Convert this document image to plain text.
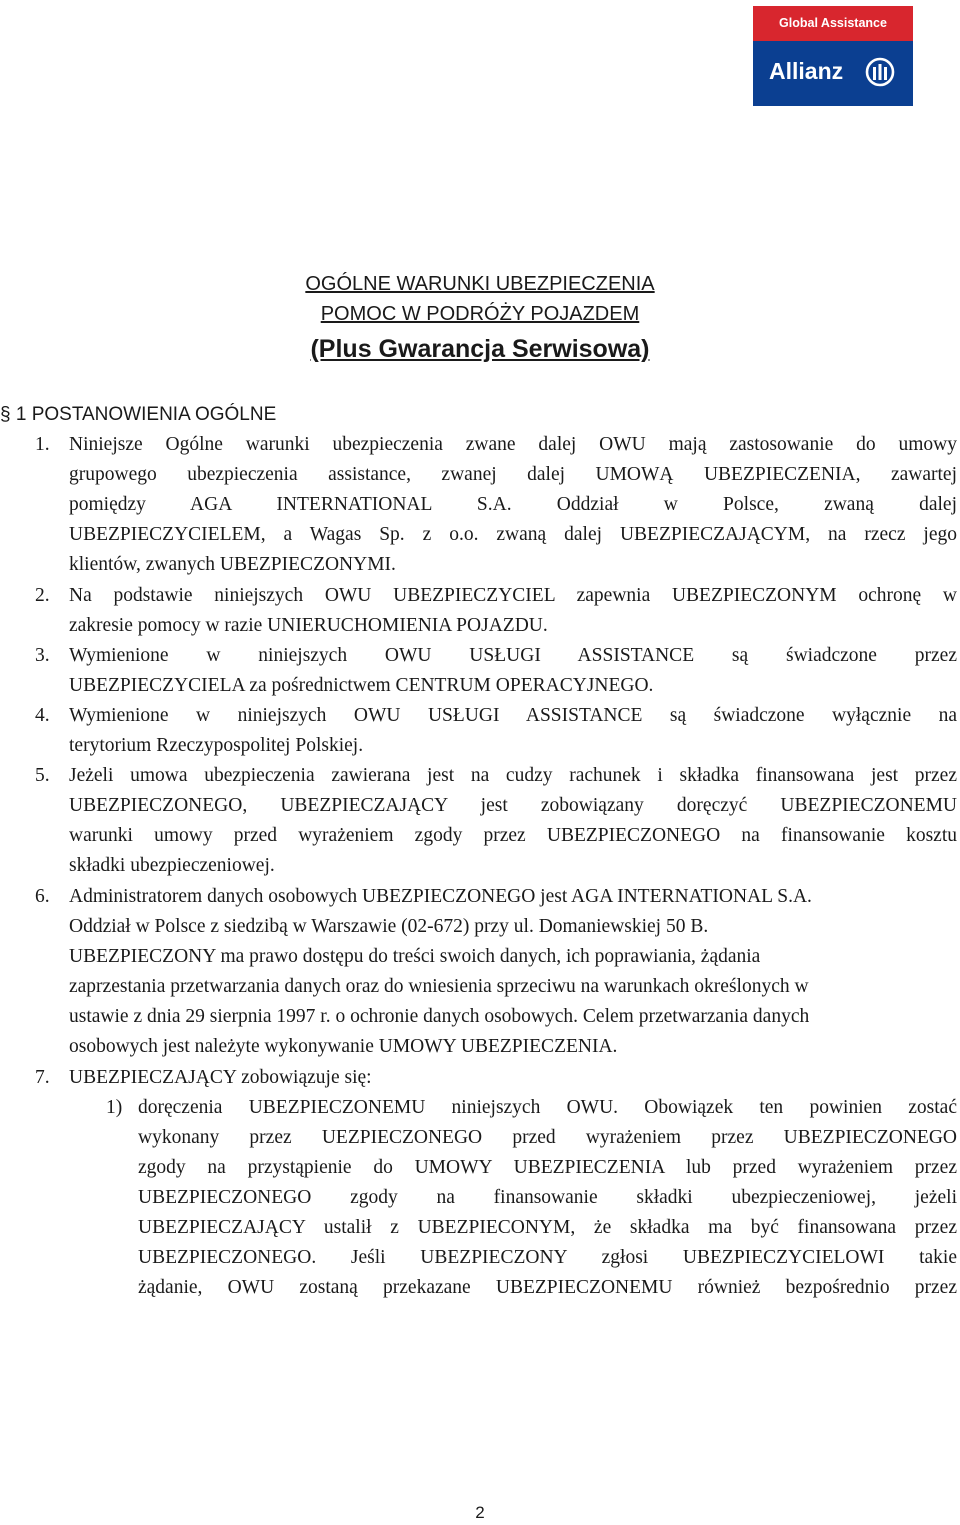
Global Assistance
Allianz
OGÓLNE WARUNKI UBEZPIECZENIA
POMOC W PODRÓŻY POJAZDEM
(Plus Gwarancja Serwisowa)
§ 1 POSTANOWIENIA OGÓLNE
1. Niniejsze Ogólne warunki ubezpieczenia zwane dalej OWU mają zastosowanie do umowy
grupowego ubezpieczenia assistance, zwanej dalej UMOWĄ UBEZPIECZENIA, zawartej
pomiędzy AGA INTERNATIONAL S.A. Oddział w Polsce, zwaną dalej
UBEZPIECZYCIELEM, a Wagas Sp. z o.o. zwaną dalej UBEZPIECZAJĄCYM, na rzecz jego
klientów, zwanych UBEZPIECZONYMI.
2. Na podstawie niniejszych OWU UBEZPIECZYCIEL zapewnia UBEZPIECZONYM ochronę w
zakresie pomocy w razie UNIERUCHOMIENIA POJAZDU.
3. Wymienione w niniejszych OWU USŁUGI ASSISTANCE są świadczone przez
UBEZPIECZYCIELA za pośrednictwem CENTRUM OPERACYJNEGO.
4. Wymienione w niniejszych OWU USŁUGI ASSISTANCE są świadczone wyłącznie na
terytorium Rzeczypospolitej Polskiej.
5. Jeżeli umowa ubezpieczenia zawierana jest na cudzy rachunek i składka finansowana jest przez
UBEZPIECZONEGO, UBEZPIECZAJĄCY jest zobowiązany doręczyć UBEZPIECZONEMU
warunki umowy przed wyrażeniem zgody przez UBEZPIECZONEGO na finansowanie kosztu
składki ubezpieczeniowej.
6. Administratorem danych osobowych UBEZPIECZONEGO jest AGA INTERNATIONAL S.A.
Oddział w Polsce z siedzibą w Warszawie (02-672) przy ul. Domaniewskiej 50 B.
UBEZPIECZONY ma prawo dostępu do treści swoich danych, ich poprawiania, żądania
zaprzestania przetwarzania danych oraz do wniesienia sprzeciwu na warunkach określonych w
ustawie z dnia 29 sierpnia 1997 r. o ochronie danych osobowych. Celem przetwarzania danych
osobowych jest należyte wykonywanie UMOWY UBEZPIECZENIA.
7. UBEZPIECZAJĄCY zobowiązuje się:
1) doręczenia UBEZPIECZONEMU niniejszych OWU. Obowiązek ten powinien zostać
wykonany przez UEZPIECZONEGO przed wyrażeniem przez UBEZPIECZONEGO
zgody na przystąpienie do UMOWY UBEZPIECZENIA lub przed wyrażeniem przez
UBEZPIECZONEGO zgody na finansowanie składki ubezpieczeniowej, jeżeli
UBEZPIECZAJĄCY ustalił z UBEZPIECONYM, że składka ma być finansowana przez
UBEZPIECZONEGO. Jeśli UBEZPIECZONY zgłosi UBEZPIECZYCIELOWI takie
żądanie, OWU zostaną przekazane UBEZPIECZONEMU również bezpośrednio przez
2
